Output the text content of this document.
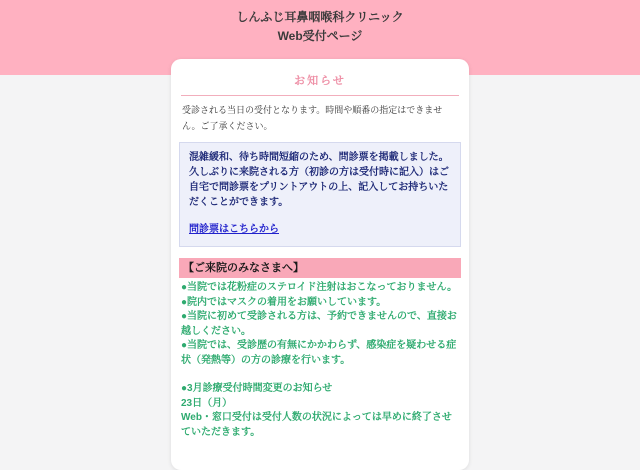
しんふじ耳鼻咽喉科クリニック
Web受付ページ
お知らせ

受診される当日の受付となります。時間や順番の指定はできません。ご了承ください。

混雑緩和、待ち時間短縮のため、問診票を掲載しました。久しぶりに来院される方（初診の方は受付時に記入）はご自宅で問診票をプリントアウトの上、記入してお持ちいただくことができます。

問診票はこちらから
【ご来院のみなさまへ】
●当院では花粉症のステロイド注射はおこなっておりません。
●院内ではマスクの着用をお願いしています。
●当院に初めて受診される方は、予約できませんので、直接お越しください。
●当院では、受診歴の有無にかかわらず、感染症を疑わせる症状（発熱等）の方の診療を行います。
●3月診療受付時間変更のお知らせ
23日（月）
Web・窓口受付は受付人数の状況によっては早めに終了させていただきます。
